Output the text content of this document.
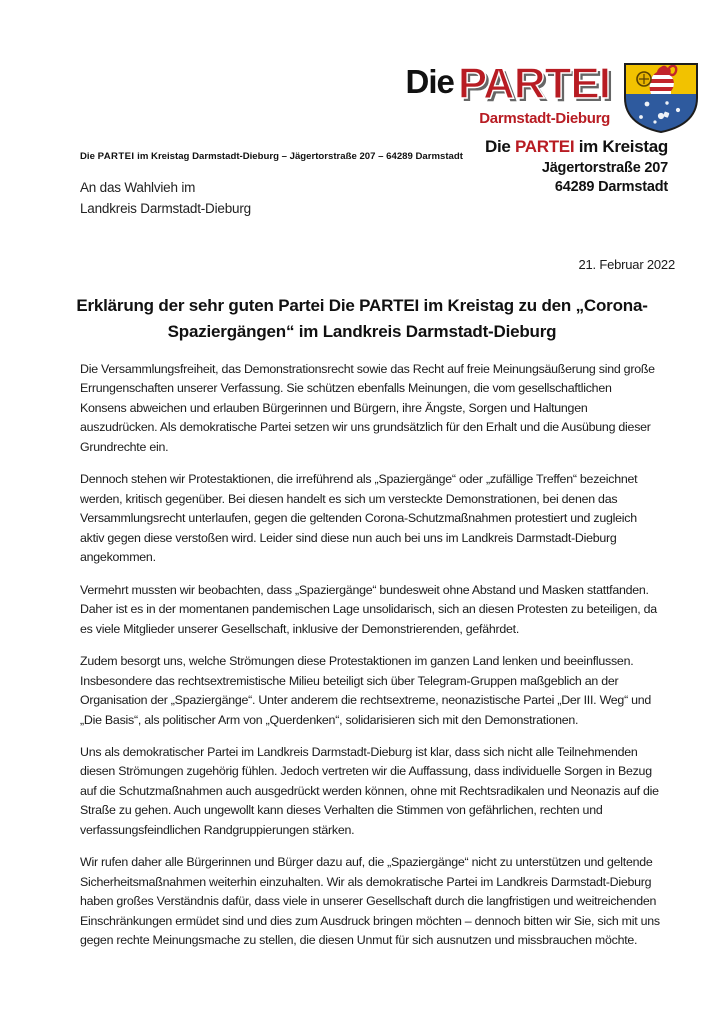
Die PARTEI
Darmstadt-Dieburg
Die PARTEI im Kreistag
Jägertorstraße 207
64289 Darmstadt
Die PARTEI im Kreistag Darmstadt-Dieburg – Jägertorstraße 207 – 64289 Darmstadt
An das Wahlvieh im
Landkreis Darmstadt-Dieburg
21. Februar 2022
Erklärung der sehr guten Partei Die PARTEI im Kreistag zu den „Corona-Spaziergängen“ im Landkreis Darmstadt-Dieburg

Die Versammlungsfreiheit, das Demonstrationsrecht sowie das Recht auf freie Meinungsäußerung sind große Errungenschaften unserer Verfassung. Sie schützen ebenfalls Meinungen, die vom gesellschaftlichen Konsens abweichen und erlauben Bürgerinnen und Bürgern, ihre Ängste, Sorgen und Haltungen auszudrücken. Als demokratische Partei setzen wir uns grundsätzlich für den Erhalt und die Ausübung dieser Grundrechte ein.

Dennoch stehen wir Protestaktionen, die irreführend als „Spaziergänge“ oder „zufällige Treffen“ bezeichnet werden, kritisch gegenüber. Bei diesen handelt es sich um versteckte Demonstrationen, bei denen das Versammlungsrecht unterlaufen, gegen die geltenden Corona-Schutzmaßnahmen protestiert und zugleich aktiv gegen diese verstoßen wird. Leider sind diese nun auch bei uns im Landkreis Darmstadt-Dieburg angekommen.

Vermehrt mussten wir beobachten, dass „Spaziergänge“ bundesweit ohne Abstand und Masken stattfanden. Daher ist es in der momentanen pandemischen Lage unsolidarisch, sich an diesen Protesten zu beteiligen, da es viele Mitglieder unserer Gesellschaft, inklusive der Demonstrierenden, gefährdet.

Zudem besorgt uns, welche Strömungen diese Protestaktionen im ganzen Land lenken und beeinflussen. Insbesondere das rechtsextremistische Milieu beteiligt sich über Telegram-Gruppen maßgeblich an der Organisation der „Spaziergänge“. Unter anderem die rechtsextreme, neonazistische Partei „Der III. Weg“ und „Die Basis“, als politischer Arm von „Querdenken“, solidarisieren sich mit den Demonstrationen.

Uns als demokratischer Partei im Landkreis Darmstadt-Dieburg ist klar, dass sich nicht alle Teilnehmenden diesen Strömungen zugehörig fühlen. Jedoch vertreten wir die Auffassung, dass individuelle Sorgen in Bezug auf die Schutzmaßnahmen auch ausgedrückt werden können, ohne mit Rechtsradikalen und Neonazis auf die Straße zu gehen. Auch ungewollt kann dieses Verhalten die Stimmen von gefährlichen, rechten und verfassungsfeindlichen Randgruppierungen stärken.

Wir rufen daher alle Bürgerinnen und Bürger dazu auf, die „Spaziergänge“ nicht zu unterstützen und geltende Sicherheitsmaßnahmen weiterhin einzuhalten. Wir als demokratische Partei im Landkreis Darmstadt-Dieburg haben großes Verständnis dafür, dass viele in unserer Gesellschaft durch die langfristigen und weitreichenden Einschränkungen ermüdet sind und dies zum Ausdruck bringen möchten – dennoch bitten wir Sie, sich mit uns gegen rechte Meinungsmache zu stellen, die diesen Unmut für sich ausnutzen und missbrauchen möchte.
